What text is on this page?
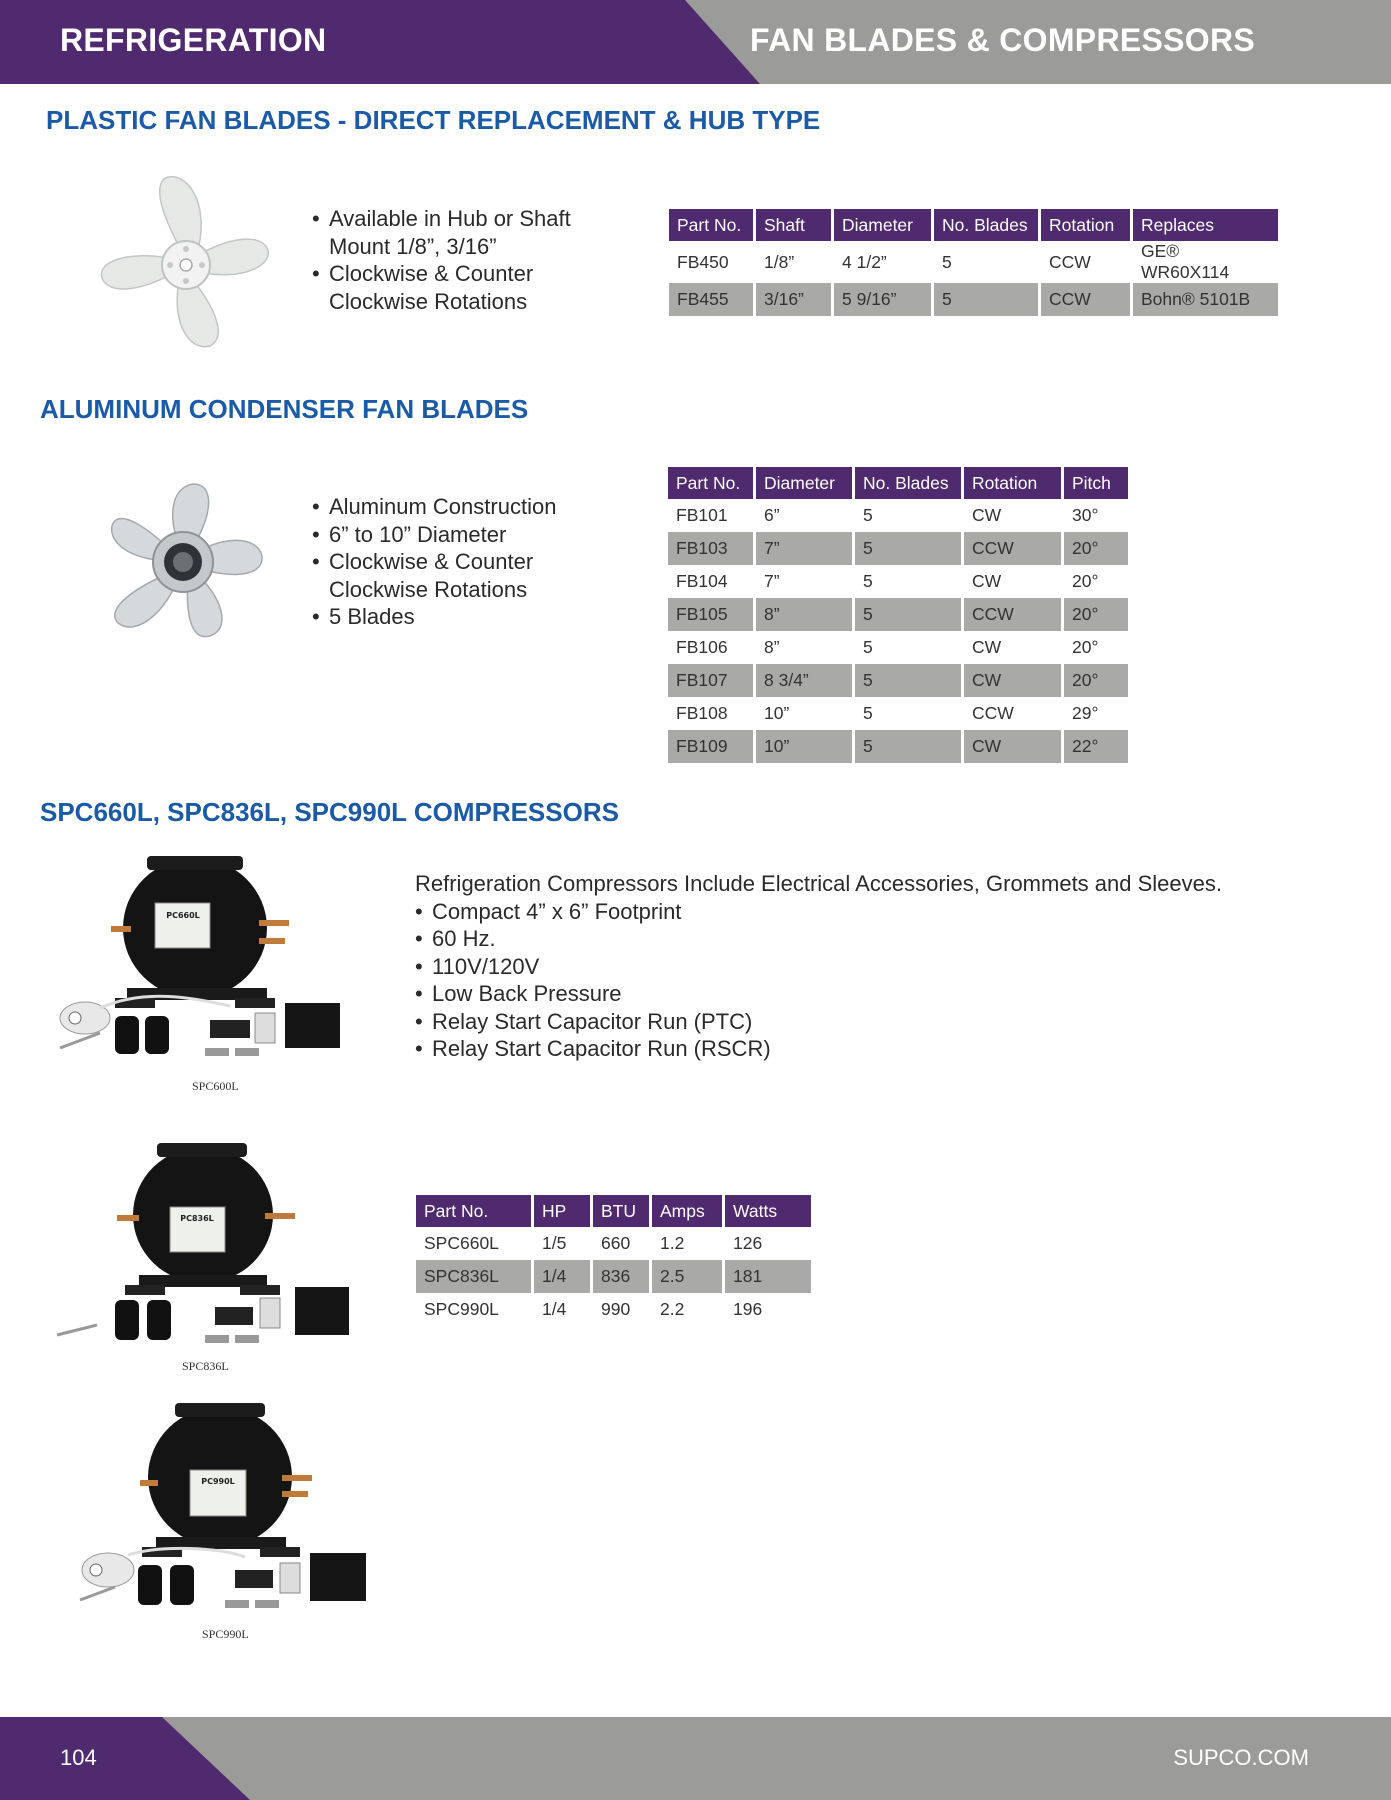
REFRIGERATION	FAN BLADES & COMPRESSORS
PLASTIC FAN BLADES - DIRECT REPLACEMENT & HUB TYPE
• Available in Hub or Shaft Mount 1/8”, 3/16”
• Clockwise & Counter Clockwise Rotations
Part No.	Shaft	Diameter	No. Blades	Rotation	Replaces
FB450	1/8”	4 1/2”	5	CCW	GE® WR60X114
FB455	3/16”	5 9/16”	5	CCW	Bohn® 5101B
ALUMINUM CONDENSER FAN BLADES
• Aluminum Construction
• 6” to 10” Diameter
• Clockwise & Counter Clockwise Rotations
• 5 Blades
Part No.	Diameter	No. Blades	Rotation	Pitch
FB101	6”	5	CW	30°
FB103	7”	5	CCW	20°
FB104	7”	5	CW	20°
FB105	8”	5	CCW	20°
FB106	8”	5	CW	20°
FB107	8 3/4”	5	CW	20°
FB108	10”	5	CCW	29°
FB109	10”	5	CW	22°
SPC660L, SPC836L, SPC990L COMPRESSORS
PC660L
SPC600L
PC836L
SPC836L
PC990L
SPC990L
Refrigeration Compressors Include Electrical Accessories, Grommets and Sleeves.
• Compact 4” x 6” Footprint
• 60 Hz.
• 110V/120V
• Low Back Pressure
• Relay Start Capacitor Run (PTC)
• Relay Start Capacitor Run (RSCR)
Part No.	HP	BTU	Amps	Watts
SPC660L	1/5	660	1.2	126
SPC836L	1/4	836	2.5	181
SPC990L	1/4	990	2.2	196
104	SUPCO.COM
